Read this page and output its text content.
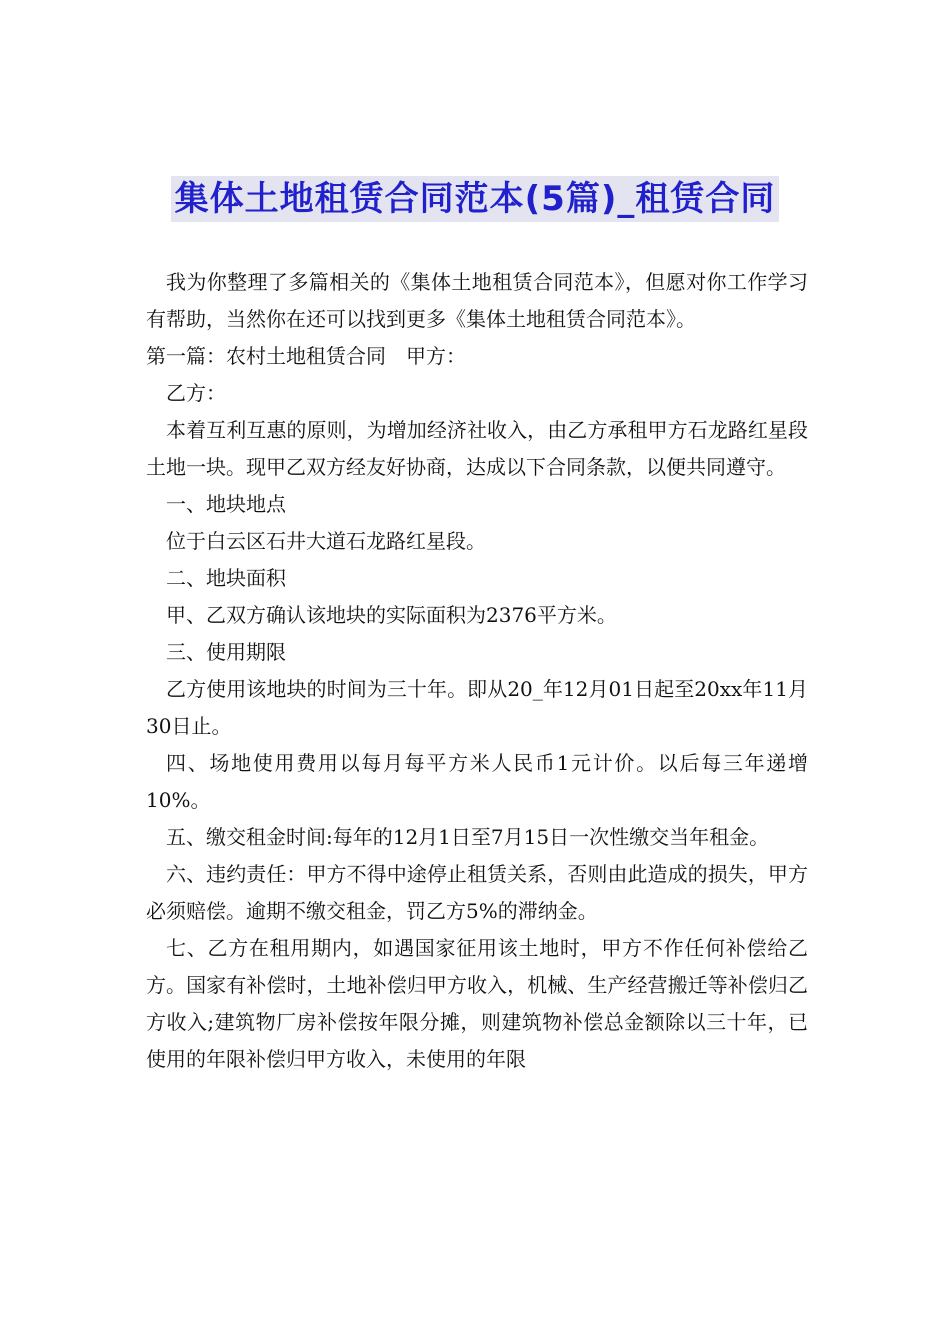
集体土地租赁合同范本(5篇)_租赁合同

我为你整理了多篇相关的《集体土地租赁合同范本》，但愿对你工作学习有帮助，当然你在还可以找到更多《集体土地租赁合同范本》。

第一篇：农村土地租赁合同　甲方：

乙方：

本着互利互惠的原则，为增加经济社收入，由乙方承租甲方石龙路红星段土地一块。现甲乙双方经友好协商，达成以下合同条款，以便共同遵守。

一、地块地点

位于白云区石井大道石龙路红星段。

二、地块面积

甲、乙双方确认该地块的实际面积为2376平方米。

三、使用期限

乙方使用该地块的时间为三十年。即从20_年12月01日起至20xx年11月30日止。

四、场地使用费用以每月每平方米人民币1元计价。以后每三年递增10%。

五、缴交租金时间:每年的12月1日至7月15日一次性缴交当年租金。

六、违约责任：甲方不得中途停止租赁关系，否则由此造成的损失，甲方必须赔偿。逾期不缴交租金，罚乙方5%的滞纳金。

七、乙方在租用期内，如遇国家征用该土地时，甲方不作任何补偿给乙方。国家有补偿时，土地补偿归甲方收入，机械、生产经营搬迁等补偿归乙方收入;建筑物厂房补偿按年限分摊，则建筑物补偿总金额除以三十年，已使用的年限补偿归甲方收入，未使用的年限
